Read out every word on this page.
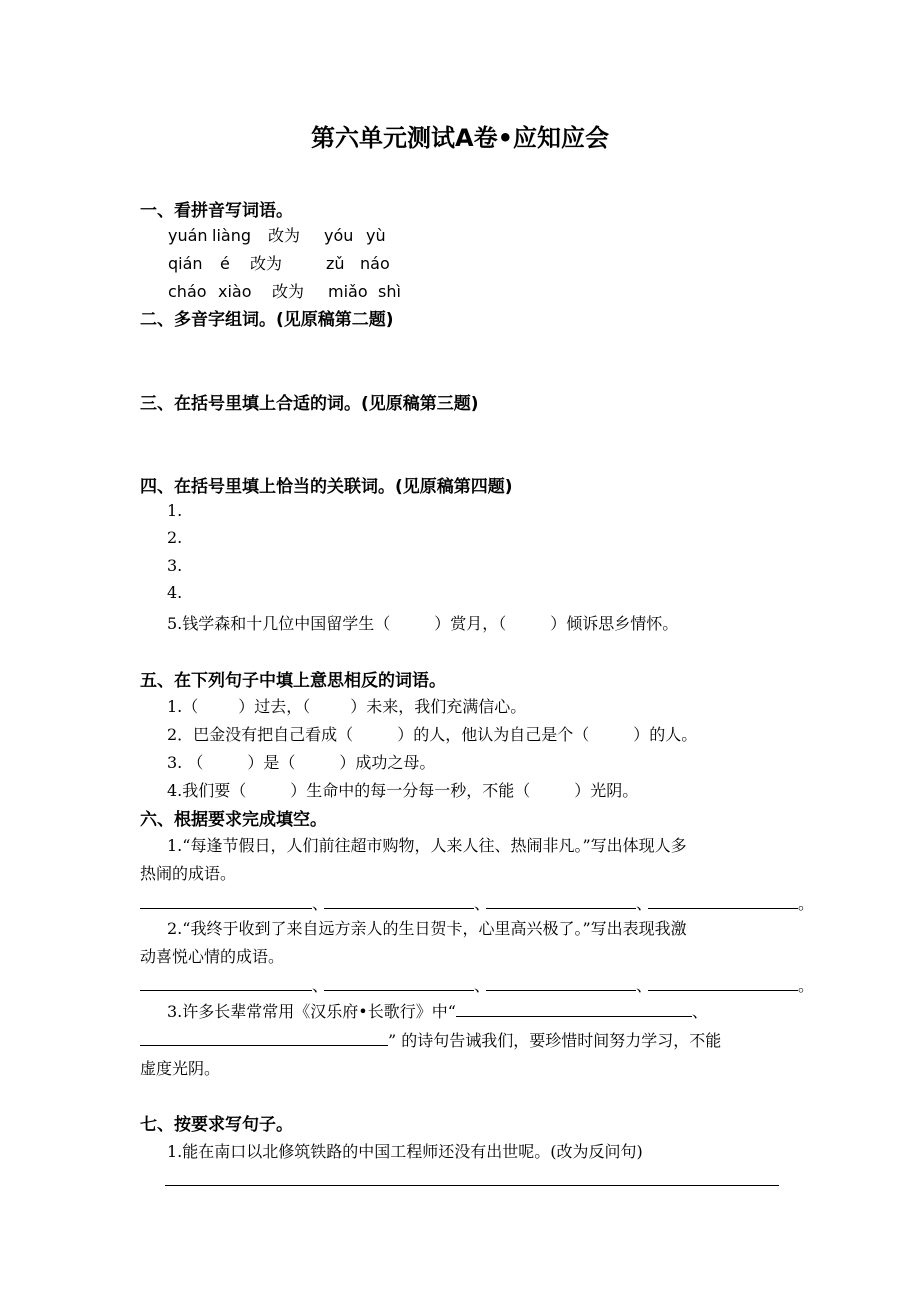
第六单元测试A卷•应知应会
一、看拼音写词语。
yuán liàng 改为 yóu yù
qián é 改为	zǔ náo
cháo xiào 改为 miǎo shì
二、多音字组词。(见原稿第二题)
三、在括号里填上合适的词。(见原稿第三题)
四、在括号里填上恰当的关联词。(见原稿第四题)
1.
2.
3.
4.
5.钱学森和十几位中国留学生（	）赏月，（	）倾诉思乡情怀。
五、在下列句子中填上意思相反的词语。
1.（	）过去，（	）未来，我们充满信心。
2．巴金没有把自己看成（	）的人，他认为自己是个（	）的人。
3. （	）是（	）成功之母。
4.我们要（	）生命中的每一分每一秒，不能（	）光阴。
六、根据要求完成填空。
1.“每逢节假日，人们前往超市购物，人来人往、热闹非凡。”写出体现人多
热闹的成语。
、	、	、	。
2.“我终于收到了来自远方亲人的生日贺卡，心里高兴极了。”写出表现我激
动喜悦心情的成语。
、	、	、	。
3.许多长辈常常用《汉乐府•长歌行》中“	、
” 的诗句告诫我们，要珍惜时间努力学习，不能
虚度光阴。
七、按要求写句子。
1.能在南口以北修筑铁路的中国工程师还没有出世呢。(改为反问句)
